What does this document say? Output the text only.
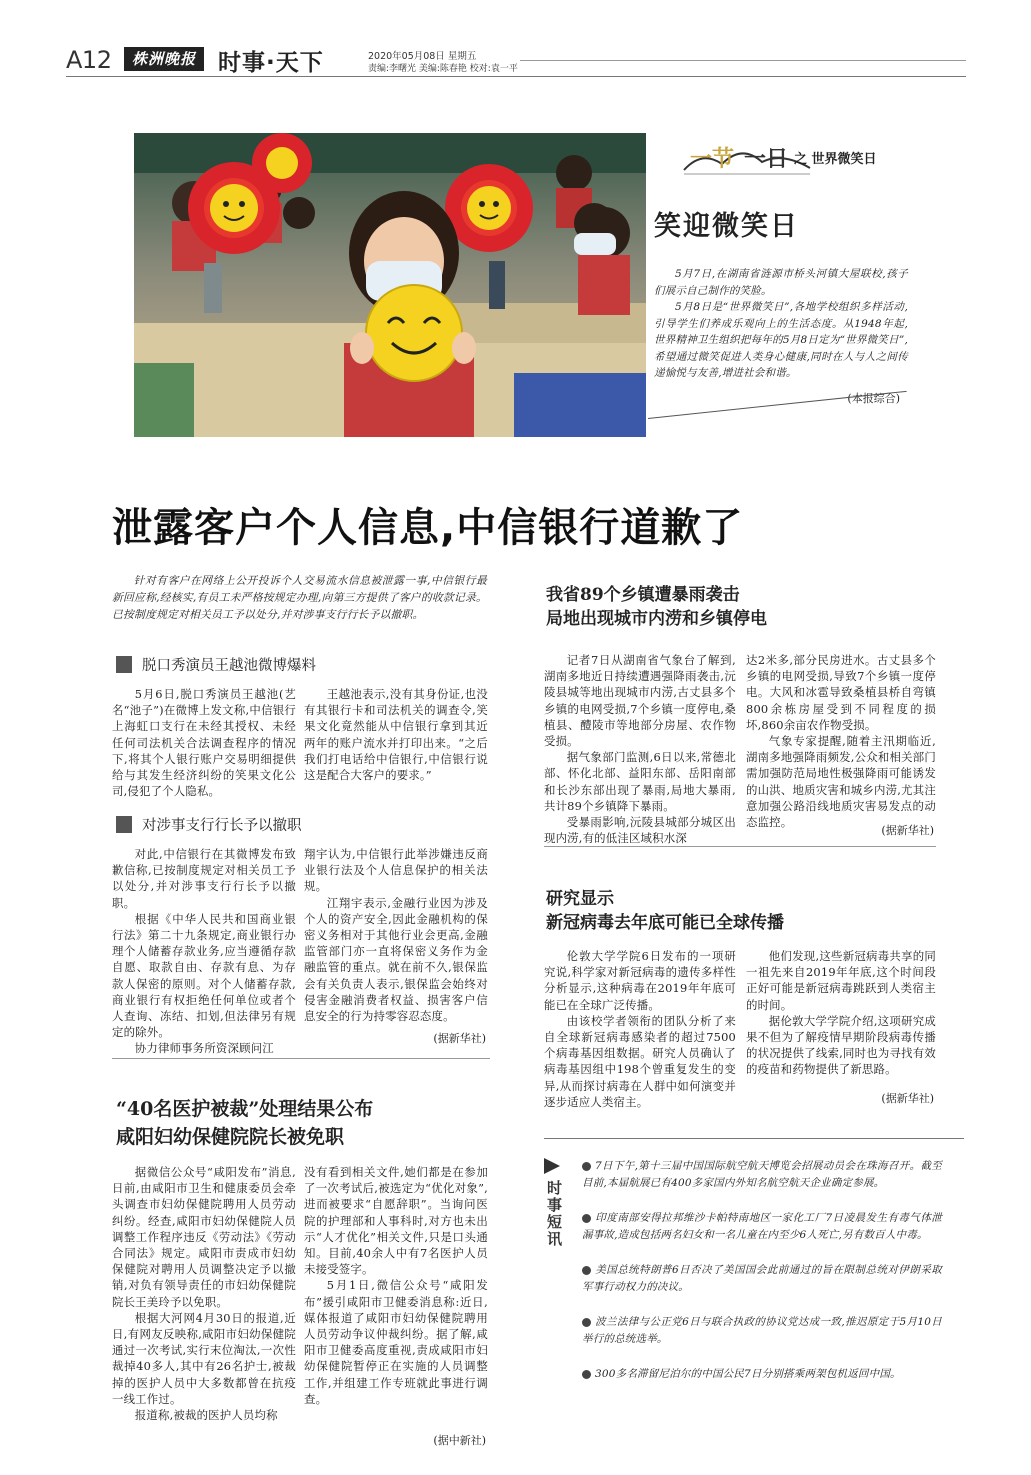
A12	株洲晚报 时事·天下	2020年05月08日 星期五
责编:李曙光 美编:陈春艳 校对:袁一平
一节 一日 之 世界微笑日
笑迎微笑日

5月7日,在湖南省涟源市桥头河镇大屋联校,孩子们展示自己制作的笑脸。

5月8日是“世界微笑日”,各地学校组织多样活动,引导学生们养成乐观向上的生活态度。从1948年起,世界精神卫生组织把每年的5月8日定为“世界微笑日”,希望通过微笑促进人类身心健康,同时在人与人之间传递愉悦与友善,增进社会和谐。

(本报综合)
泄露客户个人信息,中信银行道歉了

针对有客户在网络上公开投诉个人交易流水信息被泄露一事,中信银行最新回应称,经核实,有员工未严格按规定办理,向第三方提供了客户的收款记录。已按制度规定对相关员工予以处分,并对涉事支行行长予以撤职。

脱口秀演员王越池微博爆料

5月6日,脱口秀演员王越池(艺名“池子”)在微博上发文称,中信银行上海虹口支行在未经其授权、未经任何司法机关合法调查程序的情况下,将其个人银行账户交易明细提供给与其发生经济纠纷的笑果文化公司,侵犯了个人隐私。

王越池表示,没有其身份证,也没有其银行卡和司法机关的调查令,笑果文化竟然能从中信银行拿到其近两年的账户流水并打印出来。“之后我们打电话给中信银行,中信银行说这是配合大客户的要求。”

对涉事支行行长予以撤职

对此,中信银行在其微博发布致歉信称,已按制度规定对相关员工予以处分,并对涉事支行行长予以撤职。

根据《中华人民共和国商业银行法》第二十九条规定,商业银行办理个人储蓄存款业务,应当遵循存款自愿、取款自由、存款有息、为存款人保密的原则。对个人储蓄存款,商业银行有权拒绝任何单位或者个人查询、冻结、扣划,但法律另有规定的除外。

协力律师事务所资深顾问江

翔宇认为,中信银行此举涉嫌违反商业银行法及个人信息保护的相关法规。

江翔宇表示,金融行业因为涉及个人的资产安全,因此金融机构的保密义务相对于其他行业会更高,金融监管部门亦一直将保密义务作为金融监管的重点。就在前不久,银保监会有关负责人表示,银保监会始终对侵害金融消费者权益、损害客户信息安全的行为持零容忍态度。

(据新华社)
我省89个乡镇遭暴雨袭击
局地出现城市内涝和乡镇停电

记者7日从湖南省气象台了解到,湖南多地近日持续遭遇强降雨袭击,沅陵县城等地出现城市内涝,古丈县多个乡镇的电网受损,7个乡镇一度停电,桑植县、醴陵市等地部分房屋、农作物受损。

据气象部门监测,6日以来,常德北部、怀化北部、益阳东部、岳阳南部和长沙东部出现了暴雨,局地大暴雨,共计89个乡镇降下暴雨。

受暴雨影响,沅陵县城部分城区出现内涝,有的低洼区域积水深

达2米多,部分民房进水。古丈县多个乡镇的电网受损,导致7个乡镇一度停电。大风和冰雹导致桑植县桥自弯镇800余栋房屋受到不同程度的损坏,860余亩农作物受损。

气象专家提醒,随着主汛期临近,湖南多地强降雨频发,公众和相关部门需加强防范局地性极强降雨可能诱发的山洪、地质灾害和城乡内涝,尤其注意加强公路沿线地质灾害易发点的动态监控。

(据新华社)
研究显示
新冠病毒去年底可能已全球传播

伦敦大学学院6日发布的一项研究说,科学家对新冠病毒的遗传多样性分析显示,这种病毒在2019年年底可能已在全球广泛传播。

由该校学者领衔的团队分析了来自全球新冠病毒感染者的超过7500个病毒基因组数据。研究人员确认了病毒基因组中198个曾重复发生的变异,从而探讨病毒在人群中如何演变并逐步适应人类宿主。

他们发现,这些新冠病毒共享的同一祖先来自2019年年底,这个时间段正好可能是新冠病毒跳跃到人类宿主的时间。

据伦敦大学学院介绍,这项研究成果不但为了解疫情早期阶段病毒传播的状况提供了线索,同时也为寻找有效的疫苗和药物提供了新思路。

(据新华社)
“40名医护被裁”处理结果公布
咸阳妇幼保健院院长被免职

据微信公众号“咸阳发布”消息,日前,由咸阳市卫生和健康委员会牵头调查市妇幼保健院聘用人员劳动纠纷。经查,咸阳市妇幼保健院人员调整工作程序违反《劳动法》《劳动合同法》规定。咸阳市责成市妇幼保健院对聘用人员调整决定予以撤销,对负有领导责任的市妇幼保健院院长王美玲予以免职。

根据大河网4月30日的报道,近日,有网友反映称,咸阳市妇幼保健院通过一次考试,实行末位淘汰,一次性裁掉40多人,其中有26名护士,被裁掉的医护人员中大多数都曾在抗疫一线工作过。

报道称,被裁的医护人员均称

没有看到相关文件,她们都是在参加了一次考试后,被选定为“优化对象”,进而被要求“自愿辞职”。当询问医院的护理部和人事科时,对方也未出示“人才优化”相关文件,只是口头通知。目前,40余人中有7名医护人员未接受签字。

5月1日,微信公众号“咸阳发布”援引咸阳市卫健委消息称:近日,媒体报道了咸阳市妇幼保健院聘用人员劳动争议仲裁纠纷。据了解,咸阳市卫健委高度重视,责成咸阳市妇幼保健院暂停正在实施的人员调整工作,并组建工作专班就此事进行调查。

(据中新社)
时事短讯

7日下午,第十三届中国国际航空航天博览会招展动员会在珠海召开。截至目前,本届航展已有400多家国内外知名航空航天企业确定参展。

印度南部安得拉邦维沙卡帕特南地区一家化工厂7日凌晨发生有毒气体泄漏事故,造成包括两名妇女和一名儿童在内至少6人死亡,另有数百人中毒。

美国总统特朗普6日否决了美国国会此前通过的旨在限制总统对伊朗采取军事行动权力的决议。

波兰法律与公正党6日与联合执政的协议党达成一致,推迟原定于5月10日举行的总统选举。

300多名滞留尼泊尔的中国公民7日分别搭乘两架包机返回中国。
